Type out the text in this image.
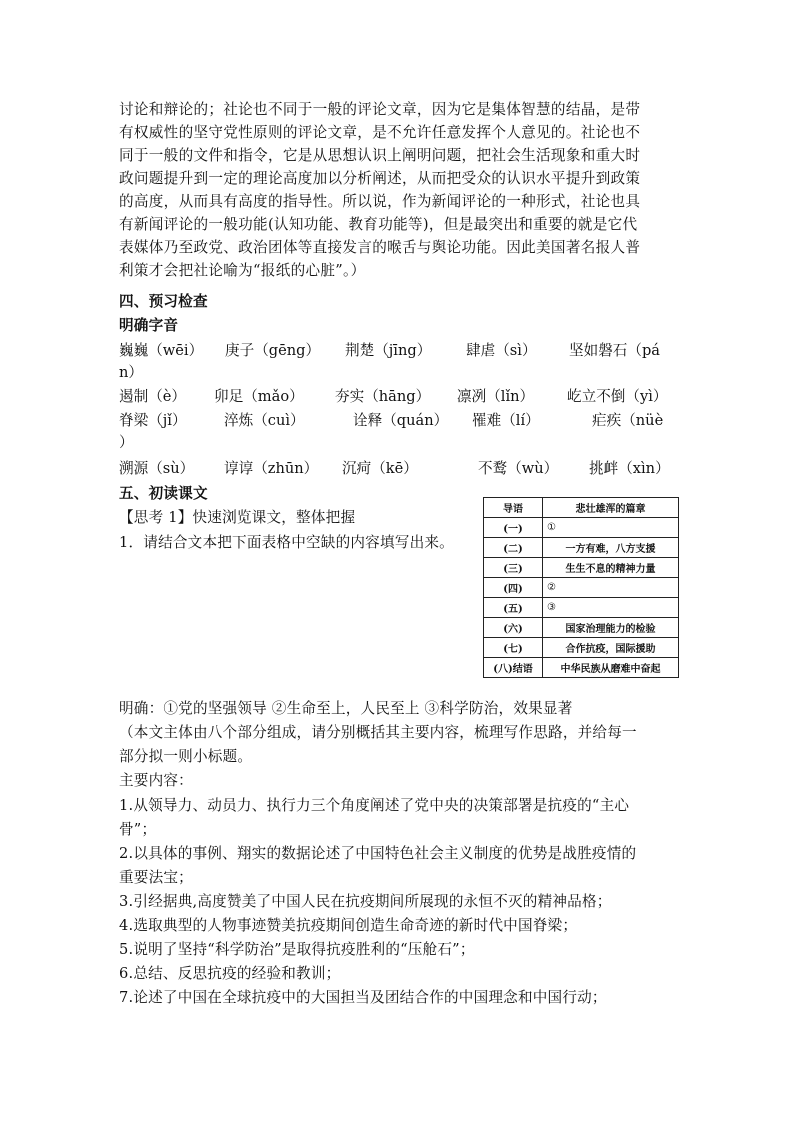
讨论和辩论的；社论也不同于一般的评论文章，因为它是集体智慧的结晶，是带
有权威性的坚守党性原则的评论文章，是不允许任意发挥个人意见的。社论也不
同于一般的文件和指令，它是从思想认识上阐明问题，把社会生活现象和重大时
政问题提升到一定的理论高度加以分析阐述，从而把受众的认识水平提升到政策
的高度，从而具有高度的指导性。所以说，作为新闻评论的一种形式，社论也具
有新闻评论的一般功能(认知功能、教育功能等)，但是最突出和重要的就是它代
表媒体乃至政党、政治团体等直接发言的喉舌与舆论功能。因此美国著名报人普
利策才会把社论喻为“报纸的心脏”。）
四、预习检查
明确字音
巍巍（wēi） 庚子（gēng） 荆楚（jīng） 肆虐（sì） 坚如磐石（pá
n）
遏制（è） 卯足（mǎo） 夯实（hāng） 凛冽（lǐn） 屹立不倒（yì）
脊梁（jǐ）	淬炼（cuì）	诠释（quán） 罹难（lí）	疟疾（nüè
）
溯源（sù） 谆谆（zhūn） 沉疴（kē）	不鹜（wù） 挑衅（xìn）
五、初读课文
【思考 1】快速浏览课文，整体把握
1．请结合文本把下面表格中空缺的内容填写出来。
导语	悲壮雄浑的篇章
(一)	①
(二)	一方有难，八方支援
(三)	生生不息的精神力量
(四)	②
(五)	③
(六)	国家治理能力的检验
(七)	合作抗疫，国际援助
(八)结语	中华民族从磨难中奋起
明确：①党的坚强领导 ②生命至上，人民至上 ③科学防治，效果显著
（本文主体由八个部分组成，请分别概括其主要内容，梳理写作思路，并给每一
部分拟一则小标题。
主要内容：
1.从领导力、动员力、执行力三个角度阐述了党中央的决策部署是抗疫的“主心
骨”；
2.以具体的事例、翔实的数据论述了中国特色社会主义制度的优势是战胜疫情的
重要法宝；
3.引经据典,高度赞美了中国人民在抗疫期间所展现的永恒不灭的精神品格；
4.选取典型的人物事迹赞美抗疫期间创造生命奇迹的新时代中国脊梁；
5.说明了坚持“科学防治”是取得抗疫胜利的“压舱石”；
6.总结、反思抗疫的经验和教训；
7.论述了中国在全球抗疫中的大国担当及团结合作的中国理念和中国行动；
